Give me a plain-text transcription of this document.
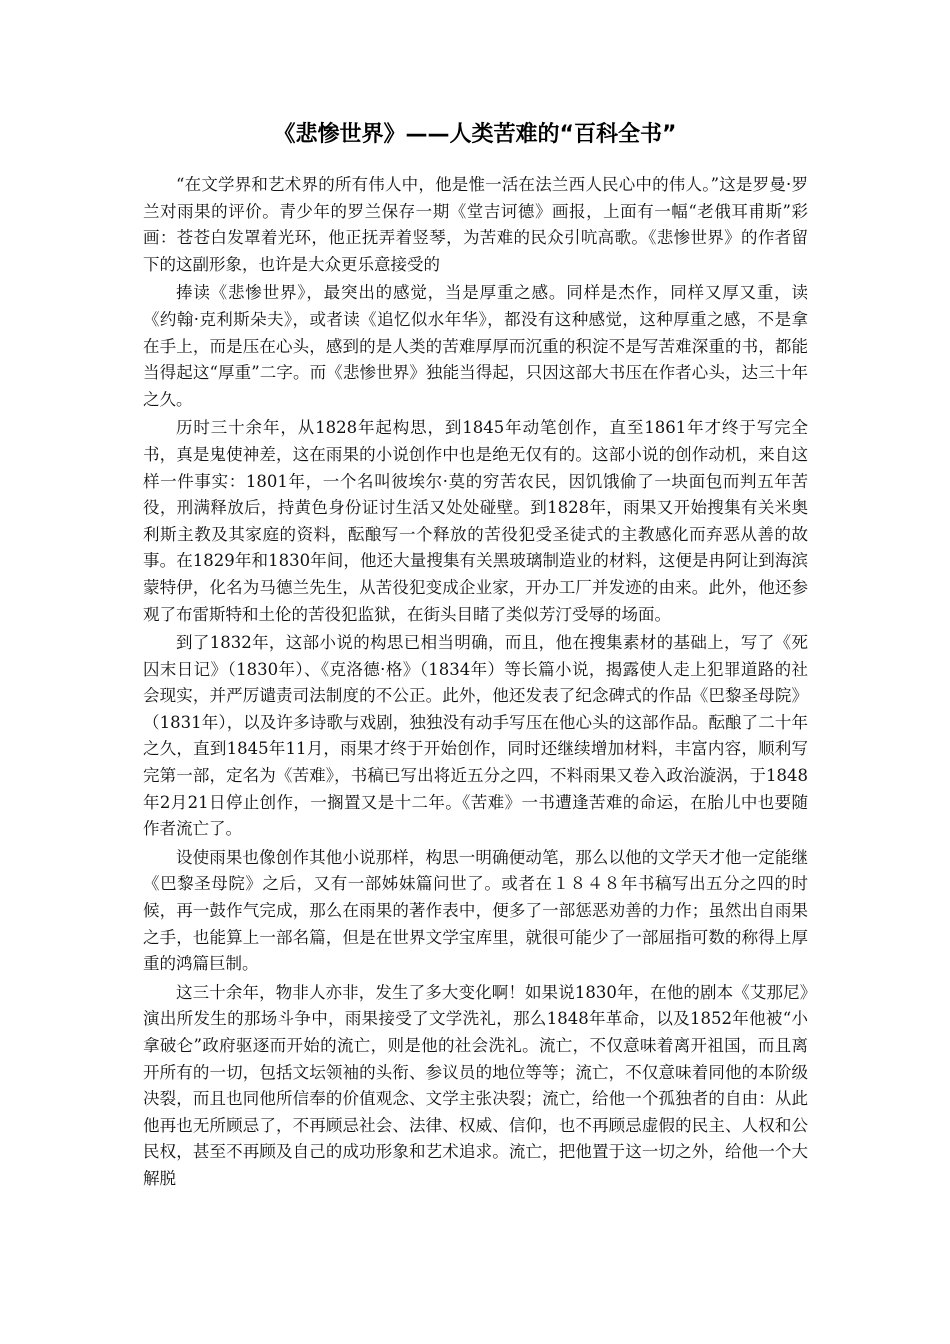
《悲惨世界》——人类苦难的“百科全书”

“在文学界和艺术界的所有伟人中，他是惟一活在法兰西人民心中的伟人。”这是罗曼·罗兰对雨果的评价。青少年的罗兰保存一期《堂吉诃德》画报，上面有一幅“老俄耳甫斯”彩画：苍苍白发罩着光环，他正抚弄着竖琴，为苦难的民众引吭高歌。《悲惨世界》的作者留下的这副形象，也许是大众更乐意接受的

捧读《悲惨世界》，最突出的感觉，当是厚重之感。同样是杰作，同样又厚又重，读《约翰·克利斯朵夫》，或者读《追忆似水年华》，都没有这种感觉，这种厚重之感，不是拿在手上，而是压在心头，感到的是人类的苦难厚厚而沉重的积淀不是写苦难深重的书，都能当得起这“厚重”二字。而《悲惨世界》独能当得起，只因这部大书压在作者心头，达三十年之久。

历时三十余年，从1828年起构思，到1845年动笔创作，直至1861年才终于写完全书，真是鬼使神差，这在雨果的小说创作中也是绝无仅有的。这部小说的创作动机，来自这样一件事实：1801年，一个名叫彼埃尔·莫的穷苦农民，因饥饿偷了一块面包而判五年苦役，刑满释放后，持黄色身份证讨生活又处处碰壁。到1828年，雨果又开始搜集有关米奥利斯主教及其家庭的资料，酝酿写一个释放的苦役犯受圣徒式的主教感化而弃恶从善的故事。在1829年和1830年间，他还大量搜集有关黑玻璃制造业的材料，这便是冉阿让到海滨蒙特伊，化名为马德兰先生，从苦役犯变成企业家，开办工厂并发迹的由来。此外，他还参观了布雷斯特和土伦的苦役犯监狱，在街头目睹了类似芳汀受辱的场面。

到了1832年，这部小说的构思已相当明确，而且，他在搜集素材的基础上，写了《死囚末日记》（1830年）、《克洛德·格》（1834年）等长篇小说，揭露使人走上犯罪道路的社会现实，并严厉谴责司法制度的不公正。此外，他还发表了纪念碑式的作品《巴黎圣母院》（1831年），以及许多诗歌与戏剧，独独没有动手写压在他心头的这部作品。酝酿了二十年之久，直到1845年11月，雨果才终于开始创作，同时还继续增加材料，丰富内容，顺利写完第一部，定名为《苦难》，书稿已写出将近五分之四，不料雨果又卷入政治漩涡，于1848年2月21日停止创作，一搁置又是十二年。《苦难》一书遭逢苦难的命运，在胎儿中也要随作者流亡了。

设使雨果也像创作其他小说那样，构思一明确便动笔，那么以他的文学天才他一定能继《巴黎圣母院》之后，又有一部姊妹篇问世了。或者在１８４８年书稿写出五分之四的时候，再一鼓作气完成，那么在雨果的著作表中，便多了一部惩恶劝善的力作；虽然出自雨果之手，也能算上一部名篇，但是在世界文学宝库里，就很可能少了一部屈指可数的称得上厚重的鸿篇巨制。

这三十余年，物非人亦非，发生了多大变化啊！如果说1830年，在他的剧本《艾那尼》演出所发生的那场斗争中，雨果接受了文学洗礼，那么1848年革命，以及1852年他被“小拿破仑”政府驱逐而开始的流亡，则是他的社会洗礼。流亡，不仅意味着离开祖国，而且离开所有的一切，包括文坛领袖的头衔、参议员的地位等等；流亡，不仅意味着同他的本阶级决裂，而且也同他所信奉的价值观念、文学主张决裂；流亡，给他一个孤独者的自由：从此他再也无所顾忌了，不再顾忌社会、法律、权威、信仰，也不再顾忌虚假的民主、人权和公民权，甚至不再顾及自己的成功形象和艺术追求。流亡，把他置于这一切之外，给他一个大解脱
